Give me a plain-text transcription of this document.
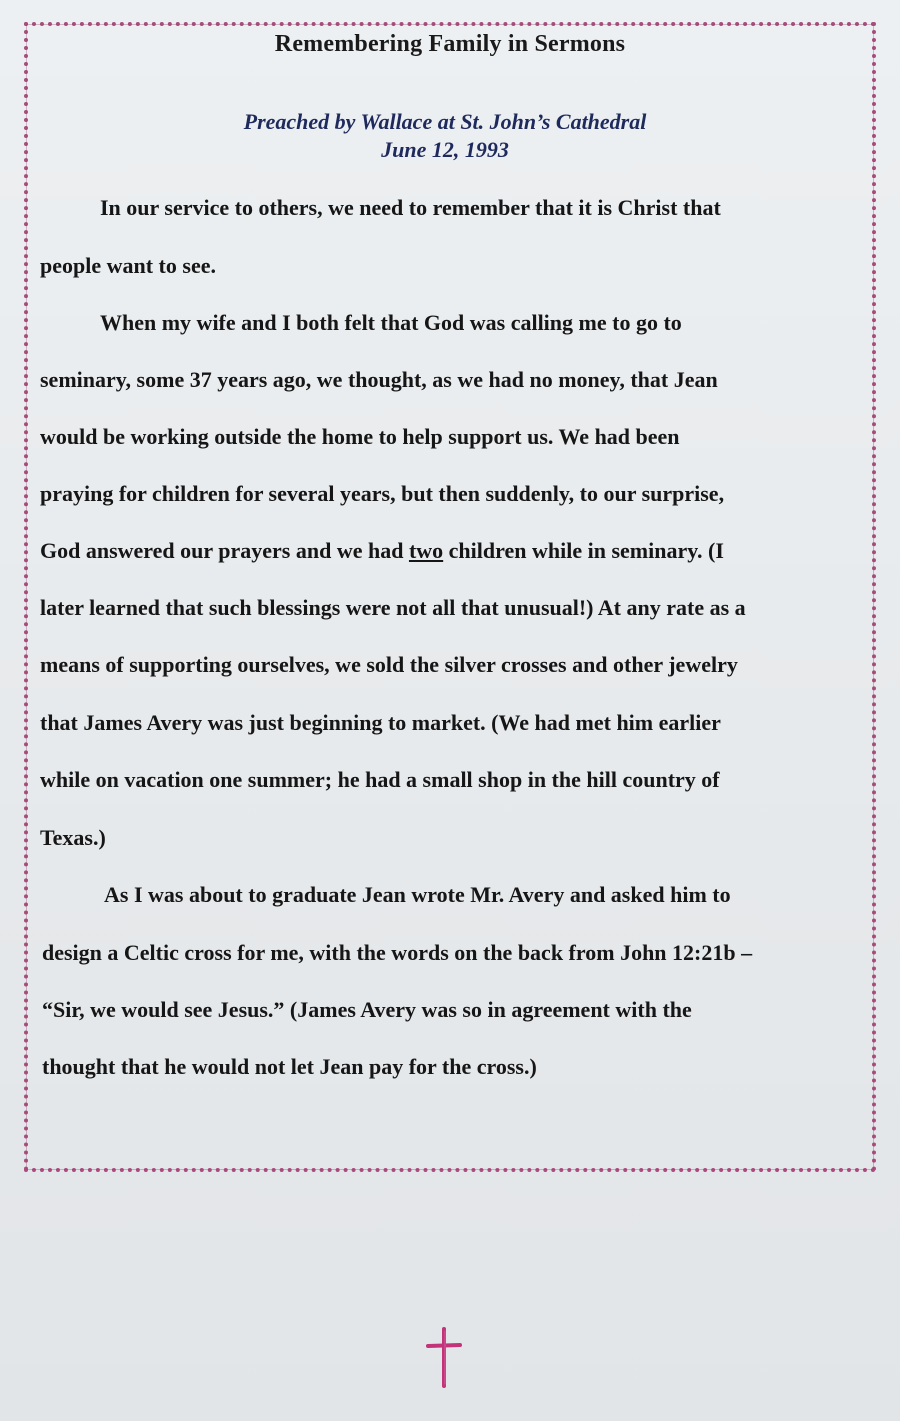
Remembering Family in Sermons
Preached by Wallace at St. John’s Cathedral
June 12, 1993
In our service to others, we need to remember that it is Christ that
people want to see.
When my wife and I both felt that God was calling me to go to
seminary, some 37 years ago, we thought, as we had no money, that Jean
would be working outside the home to help support us. We had been
praying for children for several years, but then suddenly, to our surprise,
God answered our prayers and we had two children while in seminary. (I
later learned that such blessings were not all that unusual!) At any rate as a
means of supporting ourselves, we sold the silver crosses and other jewelry
that James Avery was just beginning to market. (We had met him earlier
while on vacation one summer; he had a small shop in the hill country of
Texas.)
As I was about to graduate Jean wrote Mr. Avery and asked him to
design a Celtic cross for me, with the words on the back from John 12:21b –
“Sir, we would see Jesus.” (James Avery was so in agreement with the
thought that he would not let Jean pay for the cross.)
